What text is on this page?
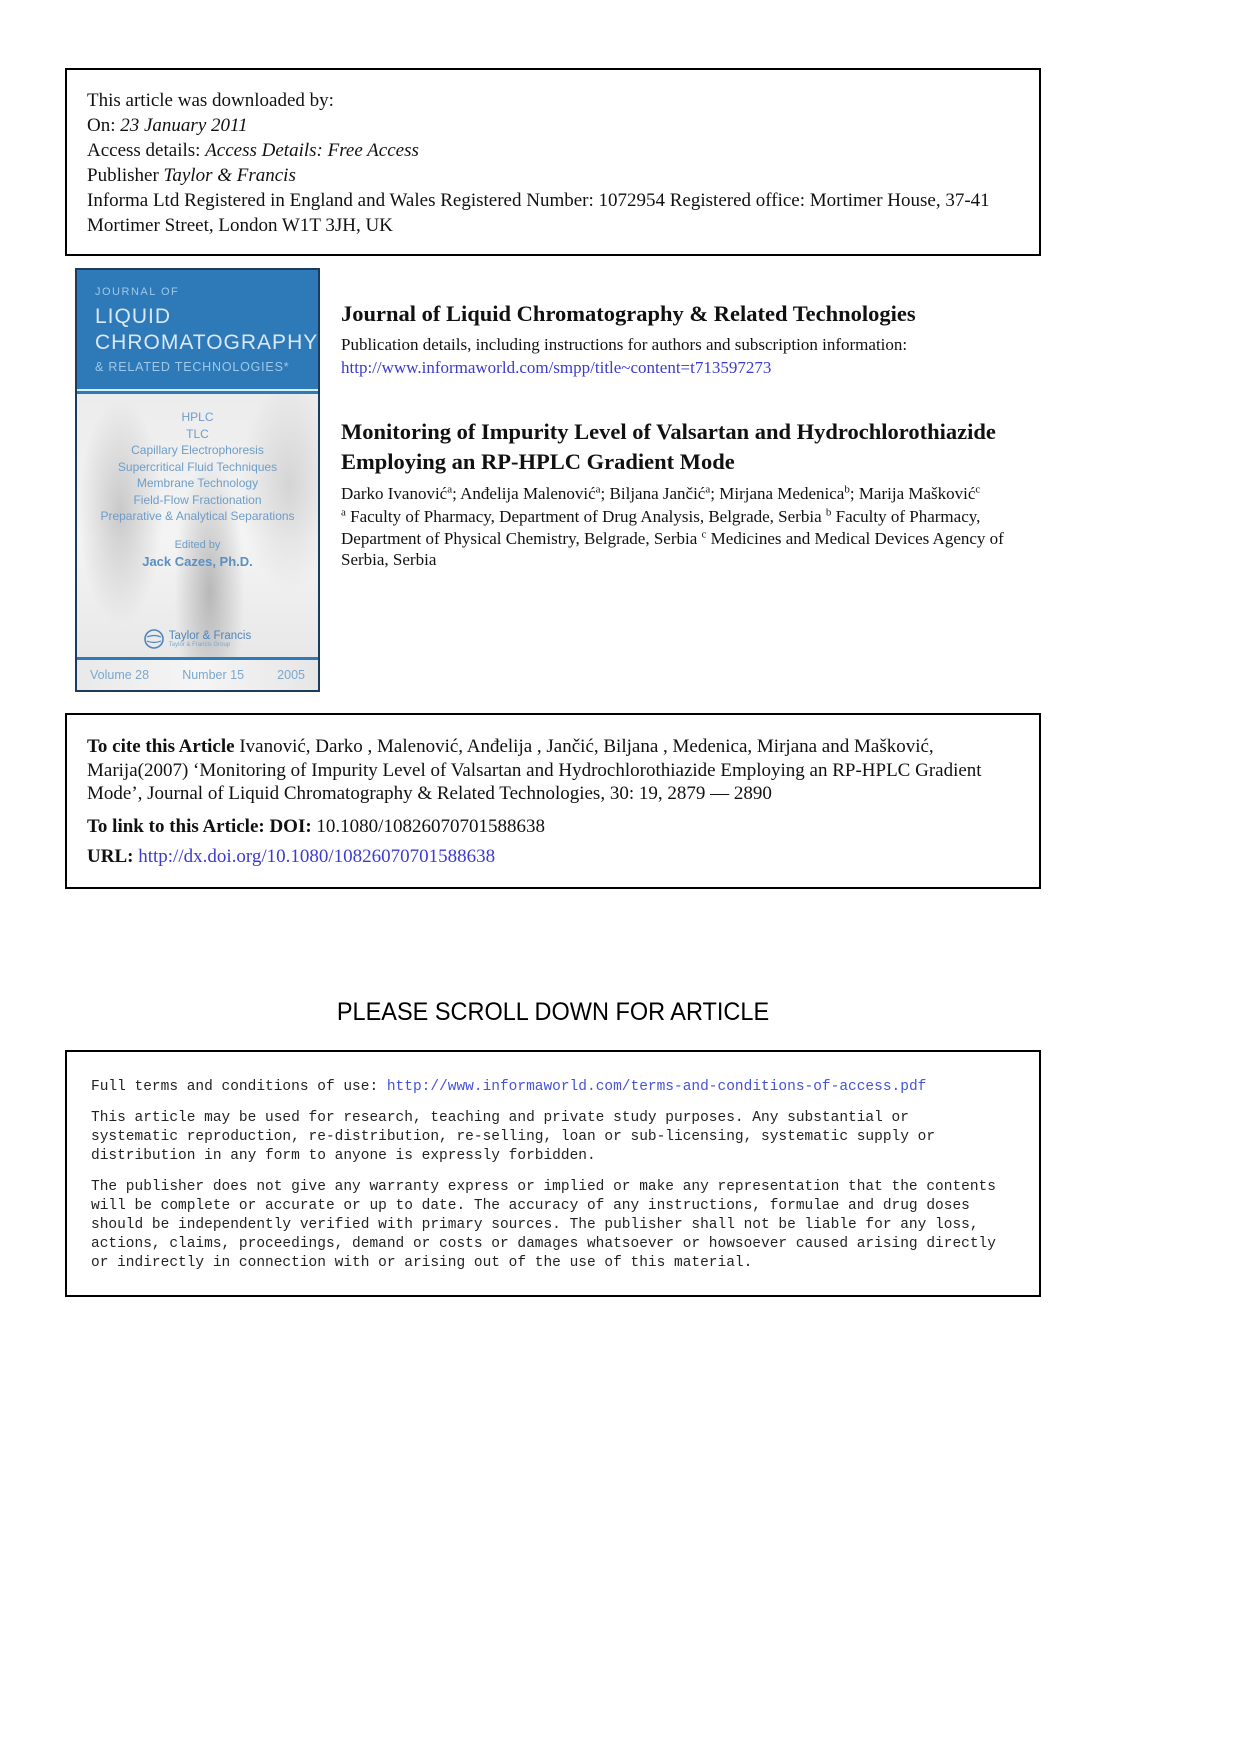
This article was downloaded by:
On: 23 January 2011
Access details: Access Details: Free Access
Publisher Taylor & Francis
Informa Ltd Registered in England and Wales Registered Number: 1072954 Registered office: Mortimer House, 37-41 Mortimer Street, London W1T 3JH, UK
JOURNAL OF
LIQUID
CHROMATOGRAPHY
& RELATED TECHNOLOGIES*
HPLC
TLC
Capillary Electrophoresis
Supercritical Fluid Techniques
Membrane Technology
Field-Flow Fractionation
Preparative & Analytical Separations
Edited by
Jack Cazes, Ph.D.
Taylor & Francis
Taylor & Francis Group
Volume 28	Number 15	2005
Journal of Liquid Chromatography & Related Technologies
Publication details, including instructions for authors and subscription information:
http://www.informaworld.com/smpp/title~content=t713597273
Monitoring of Impurity Level of Valsartan and Hydrochlorothiazide Employing an RP-HPLC Gradient Mode
Darko Ivanović$^a$; Anđelija Malenović$^a$; Biljana Jančić$^a$; Mirjana Medenica$^b$; Marija Mašković$^c$
$^a$ Faculty of Pharmacy, Department of Drug Analysis, Belgrade, Serbia $^b$ Faculty of Pharmacy, Department of Physical Chemistry, Belgrade, Serbia $^c$ Medicines and Medical Devices Agency of Serbia, Serbia
To cite this Article Ivanović, Darko , Malenović, Anđelija , Jančić, Biljana , Medenica, Mirjana and Mašković, Marija(2007) ‘Monitoring of Impurity Level of Valsartan and Hydrochlorothiazide Employing an RP-HPLC Gradient Mode’, Journal of Liquid Chromatography & Related Technologies, 30: 19, 2879 — 2890
To link to this Article: DOI: 10.1080/10826070701588638
URL: http://dx.doi.org/10.1080/10826070701588638
PLEASE SCROLL DOWN FOR ARTICLE
Full terms and conditions of use: http://www.informaworld.com/terms-and-conditions-of-access.pdf
This article may be used for research, teaching and private study purposes. Any substantial or
systematic reproduction, re-distribution, re-selling, loan or sub-licensing, systematic supply or
distribution in any form to anyone is expressly forbidden.
The publisher does not give any warranty express or implied or make any representation that the contents
will be complete or accurate or up to date. The accuracy of any instructions, formulae and drug doses
should be independently verified with primary sources. The publisher shall not be liable for any loss,
actions, claims, proceedings, demand or costs or damages whatsoever or howsoever caused arising directly
or indirectly in connection with or arising out of the use of this material.
